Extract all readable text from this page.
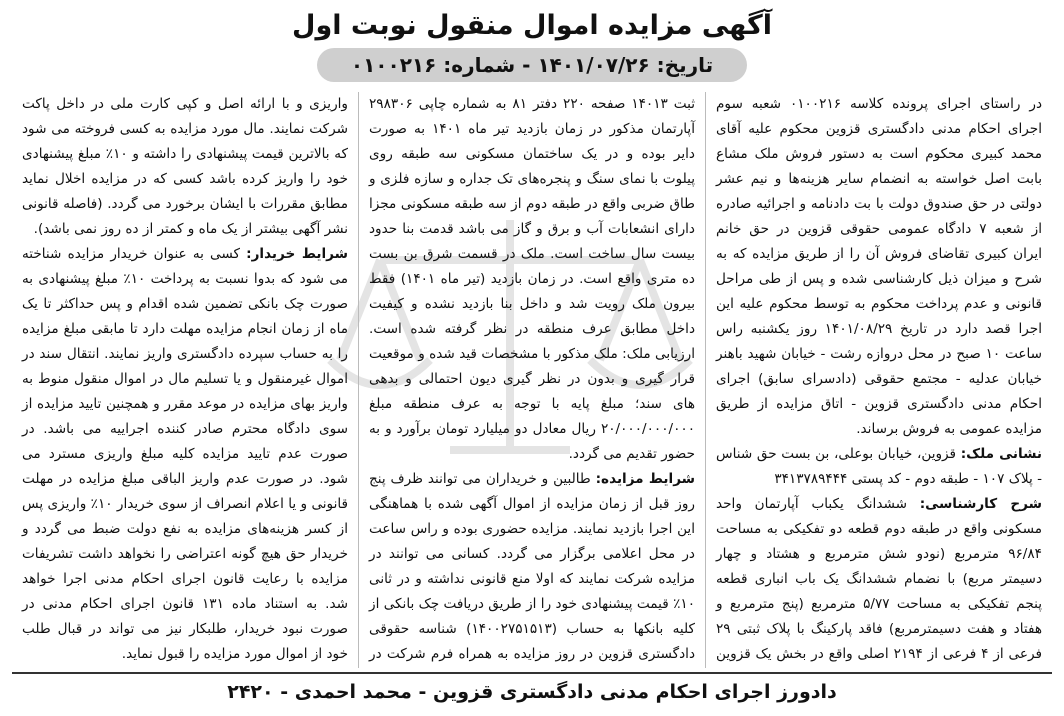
آگهی مزایده اموال منقول نوبت اول
تاریخ: ۱۴۰۱/۰۷/۲۶ - شماره: ۰۱۰۰۲۱۶

در راستای اجرای پرونده کلاسه ۰۱۰۰۲۱۶ شعبه سوم اجرای احکام مدنی دادگستری قزوین محکوم علیه آقای محمد کبیری محکوم است به دستور فروش ملک مشاع بابت اصل خواسته به انضمام سایر هزینه‌ها و نیم عشر دولتی در حق صندوق دولت با بت دادنامه و اجرائیه صادره از شعبه ۷ دادگاه عمومی حقوقی قزوین در حق خانم ایران کبیری تقاضای فروش آن را از طریق مزایده که به شرح و میزان ذیل کارشناسی شده و پس از طی مراحل قانونی و عدم پرداخت محکوم به توسط محکوم علیه این اجرا قصد دارد در تاریخ ۱۴۰۱/۰۸/۲۹ روز یکشنبه راس ساعت ۱۰ صبح در محل دروازه رشت - خیابان شهید باهنر خیابان عدلیه - مجتمع حقوقی (دادسرای سابق) اجرای احکام مدنی دادگستری قزوین - اتاق مزایده از طریق مزایده عمومی به فروش برساند.

نشانی ملک: قزوین، خیابان بوعلی، بن بست حق شناس - پلاک ۱۰۷ - طبقه دوم - کد پستی ۳۴۱۳۷۸۹۴۴۴

شرح کارشناسی: ششدانگ یکباب آپارتمان واحد مسکونی واقع در طبقه دوم قطعه دو تفکیکی به مساحت ۹۶/۸۴ مترمربع (نودو شش مترمربع و هشتاد و چهار دسیمتر مربع) با نضمام ششدانگ یک باب انباری قطعه پنجم تفکیکی به مساحت ۵/۷۷ مترمربع (پنج مترمربع و هفتاد و هفت دسیمترمربع) فاقد پارکینگ با پلاک ثبتی ۲۹ فرعی از ۴ فرعی از ۲۱۹۴ اصلی واقع در بخش یک قزوین

ثبت ۱۴۰۱۳ صفحه ۲۲۰ دفتر ۸۱ به شماره چاپی ۲۹۸۳۰۶ آپارتمان مذکور در زمان بازدید تیر ماه ۱۴۰۱ به صورت دایر بوده و در یک ساختمان مسکونی سه طبقه روی پیلوت با نمای سنگ و پنجره‌های تک جداره و سازه فلزی و طاق ضربی واقع در طبقه دوم از سه طبقه مسکونی مجزا دارای انشعابات آب و برق و گاز می باشد قدمت بنا حدود بیست سال ساخت است. ملک در قسمت شرق بن بست ده متری واقع است. در زمان بازدید (تیر ماه ۱۴۰۱) فقط بیرون ملک رویت شد و داخل بنا بازدید نشده و کیفیت داخل مطابق عرف منطقه در نظر گرفته شده است. ارزیابی ملک: ملک مذکور با مشخصات قید شده و موقعیت قرار گیری و بدون در نظر گیری دیون احتمالی و بدهی های سند؛ مبلغ پایه با توجه به عرف منطقه مبلغ ۲۰/۰۰۰/۰۰۰/۰۰۰ ریال معادل دو میلیارد تومان برآورد و به حضور تقدیم می گردد.

شرایط مزایده: طالبین و خریداران می توانند ظرف پنج روز قبل از زمان مزایده از اموال آگهی شده با هماهنگی این اجرا بازدید نمایند. مزایده حضوری بوده و راس ساعت در محل اعلامی برگزار می گردد. کسانی می توانند در مزایده شرکت نمایند که اولا منع قانونی نداشته و در ثانی ۱۰٪ قیمت پیشنهادی خود را از طریق دریافت چک بانکی از کلیه بانکها به حساب (۱۴۰۰۲۷۵۱۵۱۳) شناسه حقوقی دادگستری قزوین در روز مزایده به همراه فرم شرکت در

واریزی و با ارائه اصل و کپی کارت ملی در داخل پاکت شرکت نمایند. مال مورد مزایده به کسی فروخته می شود که بالاترین قیمت پیشنهادی را داشته و ۱۰٪ مبلغ پیشنهادی خود را واریز کرده باشد کسی که در مزایده اخلال نماید مطابق مقررات با ایشان برخورد می گردد. (فاصله قانونی نشر آگهی بیشتر از یک ماه و کمتر از ده روز نمی باشد).

شرایط خریدار: کسی به عنوان خریدار مزایده شناخته می شود که بدوا نسبت به پرداخت ۱۰٪ مبلغ پیشنهادی به صورت چک بانکی تضمین شده اقدام و پس حداکثر تا یک ماه از زمان انجام مزایده مهلت دارد تا مابقی مبلغ مزایده را به حساب سپرده دادگستری واریز نمایند. انتقال سند در اموال غیرمنقول و یا تسلیم مال در اموال منقول منوط به واریز بهای مزایده در موعد مقرر و همچنین تایید مزایده از سوی دادگاه محترم صادر کننده اجراییه می باشد. در صورت عدم تایید مزایده کلیه مبلغ واریزی مسترد می شود. در صورت عدم واریز الباقی مبلغ مزایده در مهلت قانونی و یا اعلام انصراف از سوی خریدار ۱۰٪ واریزی پس از کسر هزینه‌های مزایده به نفع دولت ضبط می گردد و خریدار حق هیچ گونه اعتراضی را نخواهد داشت تشریفات مزایده با رعایت قانون اجرای احکام مدنی اجرا خواهد شد. به استناد ماده ۱۳۱ قانون اجرای احکام مدنی در صورت نبود خریدار، طلبکار نیز می تواند در قبال طلب خود از اموال مورد مزایده را قبول نماید.

دادورز اجرای احکام مدنی دادگستری قزوین - محمد احمدی - ۲۴۲۰
